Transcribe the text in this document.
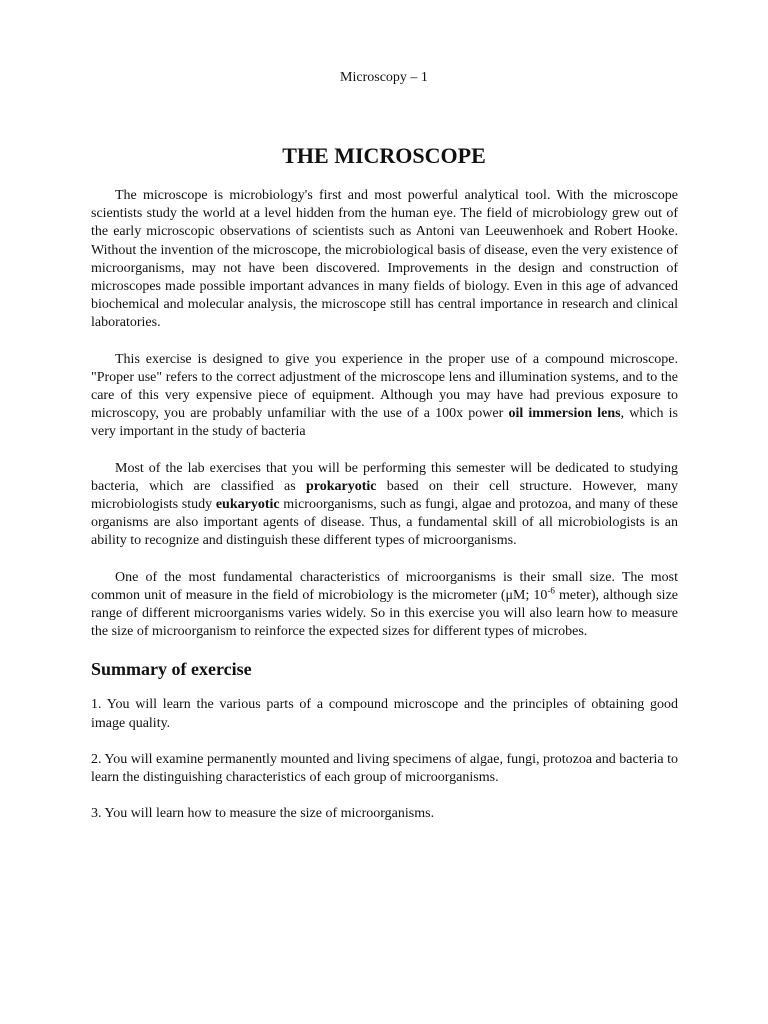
Microscopy – 1
THE MICROSCOPE

The microscope is microbiology's first and most powerful analytical tool. With the microscope scientists study the world at a level hidden from the human eye. The field of microbiology grew out of the early microscopic observations of scientists such as Antoni van Leeuwenhoek and Robert Hooke. Without the invention of the microscope, the microbiological basis of disease, even the very existence of microorganisms, may not have been discovered. Improvements in the design and construction of microscopes made possible important advances in many fields of biology. Even in this age of advanced biochemical and molecular analysis, the microscope still has central importance in research and clinical laboratories.

This exercise is designed to give you experience in the proper use of a compound microscope. "Proper use" refers to the correct adjustment of the microscope lens and illumination systems, and to the care of this very expensive piece of equipment. Although you may have had previous exposure to microscopy, you are probably unfamiliar with the use of a 100x power oil immersion lens, which is very important in the study of bacteria

Most of the lab exercises that you will be performing this semester will be dedicated to studying bacteria, which are classified as prokaryotic based on their cell structure. However, many microbiologists study eukaryotic microorganisms, such as fungi, algae and protozoa, and many of these organisms are also important agents of disease. Thus, a fundamental skill of all microbiologists is an ability to recognize and distinguish these different types of microorganisms.

One of the most fundamental characteristics of microorganisms is their small size. The most common unit of measure in the field of microbiology is the micrometer (μM; $10^{-6}$ meter), although size range of different microorganisms varies widely. So in this exercise you will also learn how to measure the size of microorganism to reinforce the expected sizes for different types of microbes.

Summary of exercise

1. You will learn the various parts of a compound microscope and the principles of obtaining good image quality.

2. You will examine permanently mounted and living specimens of algae, fungi, protozoa and bacteria to learn the distinguishing characteristics of each group of microorganisms.

3. You will learn how to measure the size of microorganisms.
